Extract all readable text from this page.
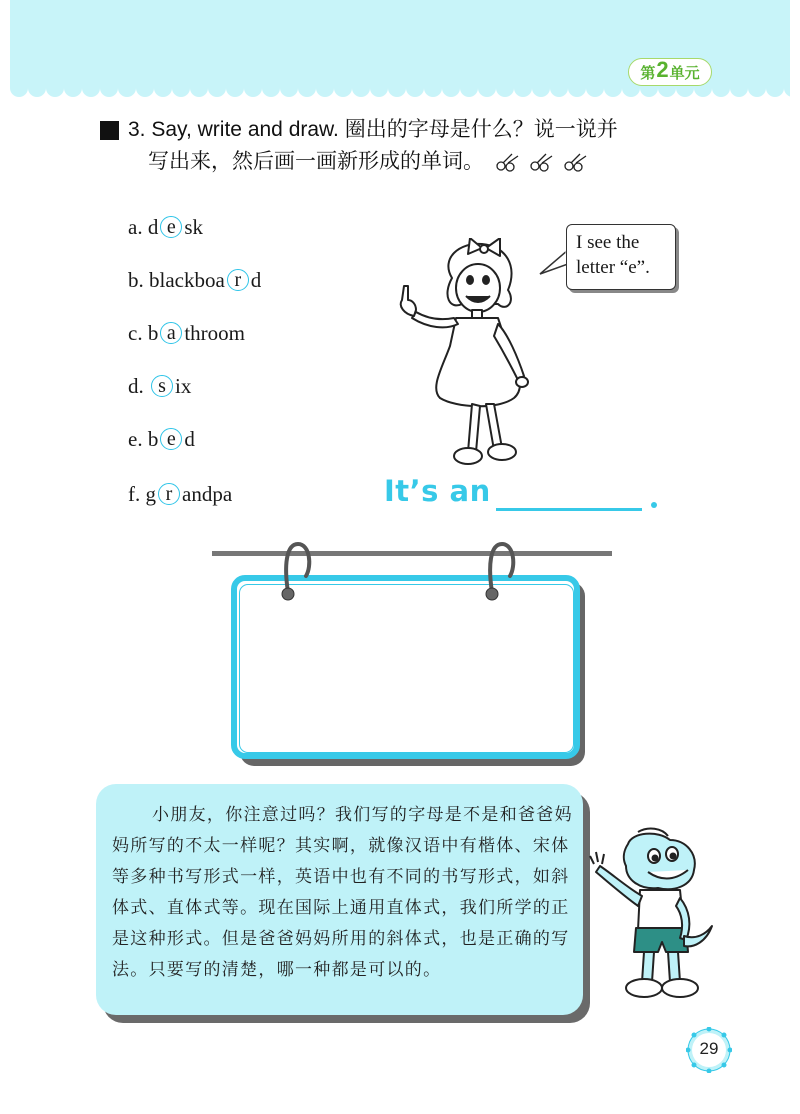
第 2 单元
3. Say, write and draw. 圈出的字母是什么？说一说并
写出来，然后画一画新形成的单词。
a. d e sk
b. blackboa r d
c. b a throom
d. s ix
e. b e d
f. g r andpa
I see the
letter “e”.
It’s an
小朋友，你注意过吗？我们写的字母是不是和爸爸妈妈所写的不太一样呢？其实啊，就像汉语中有楷体、宋体等多种书写形式一样，英语中也有不同的书写形式，如斜体式、直体式等。现在国际上通用直体式，我们所学的正是这种形式。但是爸爸妈妈所用的斜体式，也是正确的写法。只要写的清楚，哪一种都是可以的。
29
